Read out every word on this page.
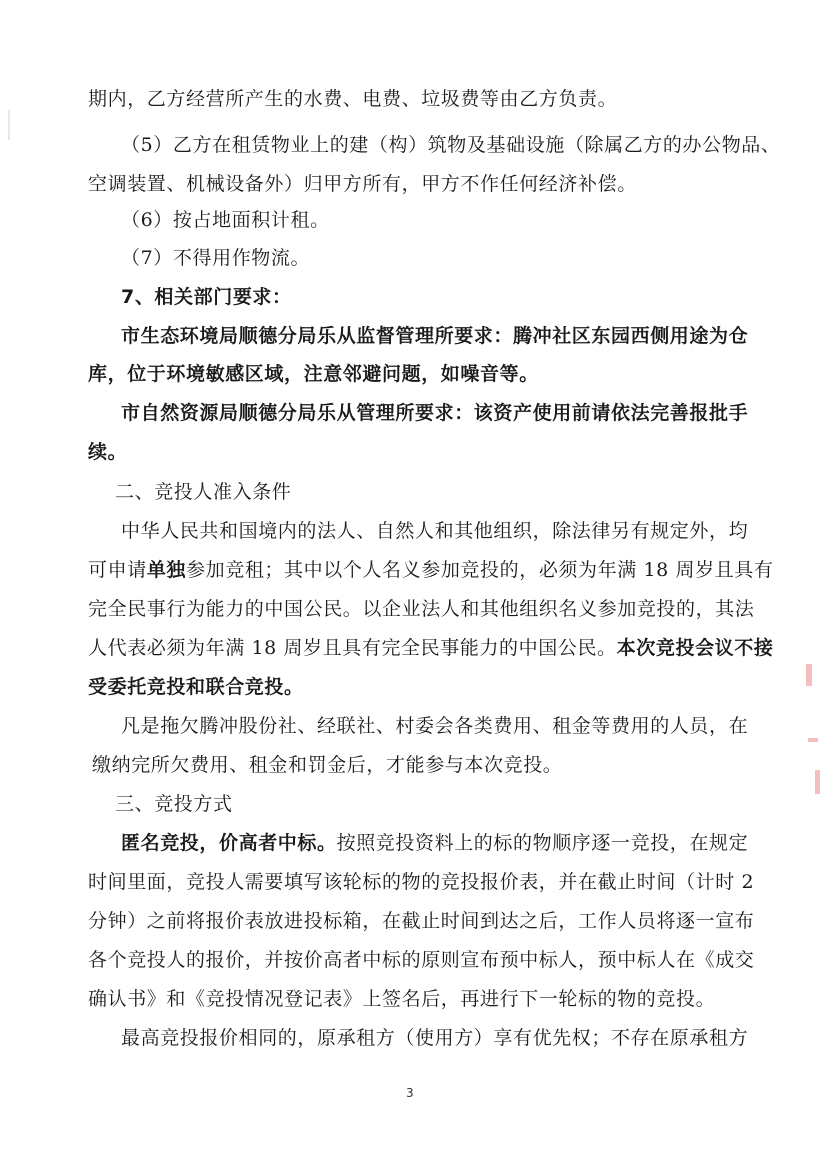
期内，乙方经营所产生的水费、电费、垃圾费等由乙方负责。
（5）乙方在租赁物业上的建（构）筑物及基础设施（除属乙方的办公物品、
空调装置、机械设备外）归甲方所有，甲方不作任何经济补偿。
（6）按占地面积计租。
（7）不得用作物流。
7、相关部门要求：
市生态环境局顺德分局乐从监督管理所要求：腾冲社区东园西侧用途为仓
库，位于环境敏感区域，注意邻避问题，如噪音等。
市自然资源局顺德分局乐从管理所要求：该资产使用前请依法完善报批手
续。
二、竞投人准入条件
中华人民共和国境内的法人、自然人和其他组织，除法律另有规定外，均
可申请单独参加竞租；其中以个人名义参加竞投的，必须为年满 18 周岁且具有
完全民事行为能力的中国公民。以企业法人和其他组织名义参加竞投的，其法
人代表必须为年满 18 周岁且具有完全民事能力的中国公民。本次竞投会议不接
受委托竞投和联合竞投。
凡是拖欠腾冲股份社、经联社、村委会各类费用、租金等费用的人员，在
缴纳完所欠费用、租金和罚金后，才能参与本次竞投。
三、竞投方式
匿名竞投，价高者中标。按照竞投资料上的标的物顺序逐一竞投，在规定
时间里面，竞投人需要填写该轮标的物的竞投报价表，并在截止时间（计时 2
分钟）之前将报价表放进投标箱，在截止时间到达之后，工作人员将逐一宣布
各个竞投人的报价，并按价高者中标的原则宣布预中标人，预中标人在《成交
确认书》和《竞投情况登记表》上签名后，再进行下一轮标的物的竞投。
最高竞投报价相同的，原承租方（使用方）享有优先权；不存在原承租方
3
